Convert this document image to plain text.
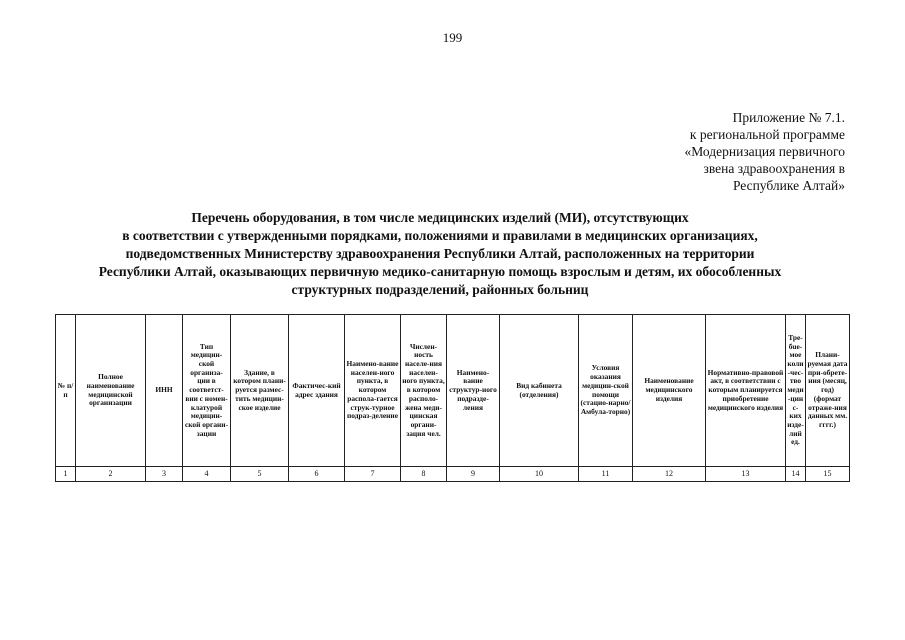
199
Приложение № 7.1.
к региональной программе
«Модернизация первичного
звена здравоохранения в
Республике Алтай»
Перечень оборудования, в том числе медицинских изделий (МИ), отсутствующих
в соответствии с утвержденными порядками, положениями и правилами в медицинских организациях,
подведомственных Министерству здравоохранения Республики Алтай, расположенных на территории
Республики Алтай, оказывающих первичную медико-санитарную помощь взрослым и детям, их обособленных
структурных подразделений, районных больниц
№ п/ п	Полное наименование медицинской организации	ИНН	Тип медицин-ской организа-ции в соответст-вии с номен-клатурой медицин-ской органи-зации	Здание, в котором плани-руется размес-тить медицин-ское изделие	Фактичес-кий адрес здания	Наимено-вание населен-ного пункта, в котором распола-гается струк-турное подраз-деление	Числен-ность населе-ния населен-ного пункта, в котором располо-жена меди-цинская органи-зация чел.	Наимено-вание структур-ного подразде-ления	Вид кабинета (отделения)	Условия оказания медицин-ской помощи (стацио-нарно/ Амбула-торно)	Наименование медицинского изделия	Нормативно-правовой акт, в соответствии с которым планируется приобретение медицинского изделия	Тре-бue-мое коли-чес-тво меди-цинс-ких изде-лий ед.	Плани-руемая дата при-обрете-ния (месяц, год) (формат отраже-ния данных мм. гггг.)
1	2	3	4	5	6	7	8	9	10	11	12	13	14	15
